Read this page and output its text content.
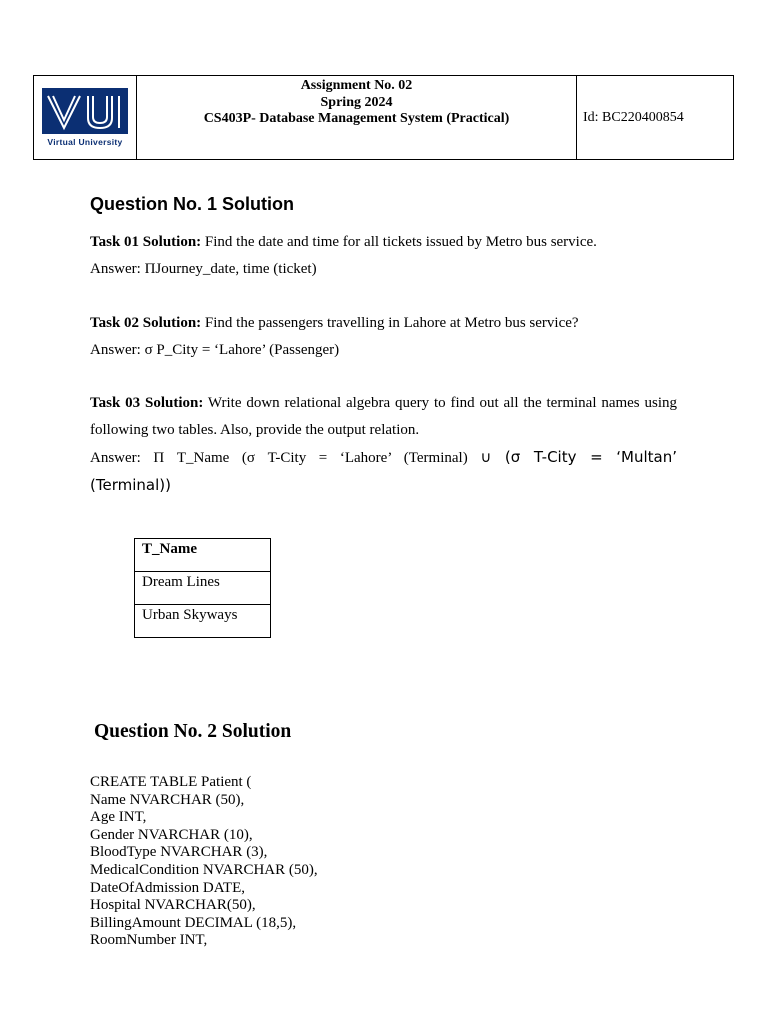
Virtual University
Assignment No. 02
Spring 2024
CS403P- Database Management System (Practical)	Id: BC220400854
Question No. 1 Solution
Task 01 Solution: Find the date and time for all tickets issued by Metro bus service.
Answer: ΠJourney_date, time (ticket)
Task 02 Solution: Find the passengers travelling in Lahore at Metro bus service?
Answer: σ P_City = ‘Lahore’ (Passenger)
Task 03 Solution: Write down relational algebra query to find out all the terminal names using
following two tables. Also, provide the output relation.
Answer: Π T_Name (σ T-City = ‘Lahore’ (Terminal) ∪ (σ T-City = ‘Multan’
(Terminal))
T_Name
Dream Lines
Urban Skyways
Question No. 2 Solution
CREATE TABLE Patient (
Name NVARCHAR (50),
Age INT,
Gender NVARCHAR (10),
BloodType NVARCHAR (3),
MedicalCondition NVARCHAR (50),
DateOfAdmission DATE,
Hospital NVARCHAR(50),
BillingAmount DECIMAL (18,5),
RoomNumber INT,
